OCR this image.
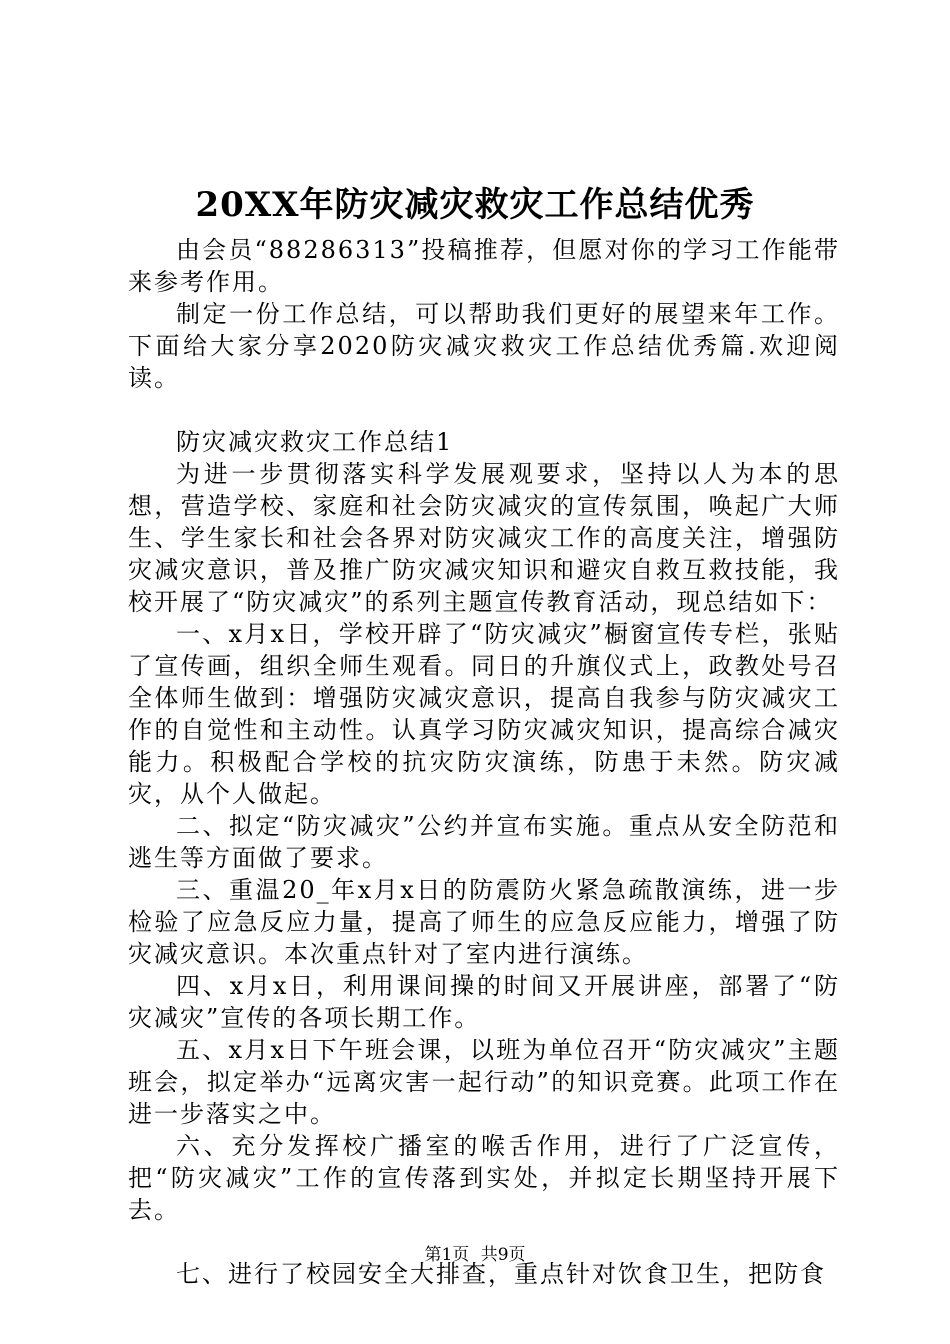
20XX年防灾减灾救灾工作总结优秀

由会员“88286313”投稿推荐，但愿对你的学习工作能带来参考作用。

制定一份工作总结，可以帮助我们更好的展望来年工作。下面给大家分享2020防灾减灾救灾工作总结优秀篇.欢迎阅读。

防灾减灾救灾工作总结1

为进一步贯彻落实科学发展观要求，坚持以人为本的思想，营造学校、家庭和社会防灾减灾的宣传氛围，唤起广大师生、学生家长和社会各界对防灾减灾工作的高度关注，增强防灾减灾意识，普及推广防灾减灾知识和避灾自救互救技能，我校开展了“防灾减灾”的系列主题宣传教育活动，现总结如下：

一、x月x日，学校开辟了“防灾减灾”橱窗宣传专栏，张贴了宣传画，组织全师生观看。同日的升旗仪式上，政教处号召全体师生做到：增强防灾减灾意识，提高自我参与防灾减灾工作的自觉性和主动性。认真学习防灾减灾知识，提高综合减灾能力。积极配合学校的抗灾防灾演练，防患于未然。防灾减灾，从个人做起。

二、拟定“防灾减灾”公约并宣布实施。重点从安全防范和逃生等方面做了要求。

三、重温20_年x月x日的防震防火紧急疏散演练，进一步检验了应急反应力量，提高了师生的应急反应能力，增强了防灾减灾意识。本次重点针对了室内进行演练。

四、x月x日，利用课间操的时间又开展讲座，部署了“防灾减灾”宣传的各项长期工作。

五、x月x日下午班会课，以班为单位召开“防灾减灾”主题班会，拟定举办“远离灾害一起行动”的知识竞赛。此项工作在进一步落实之中。

六、充分发挥校广播室的喉舌作用，进行了广泛宣传，把“防灾减灾”工作的宣传落到实处，并拟定长期坚持开展下去。

七、进行了校园安全大排查，重点针对饮食卫生，把防食

第1页 共9页
